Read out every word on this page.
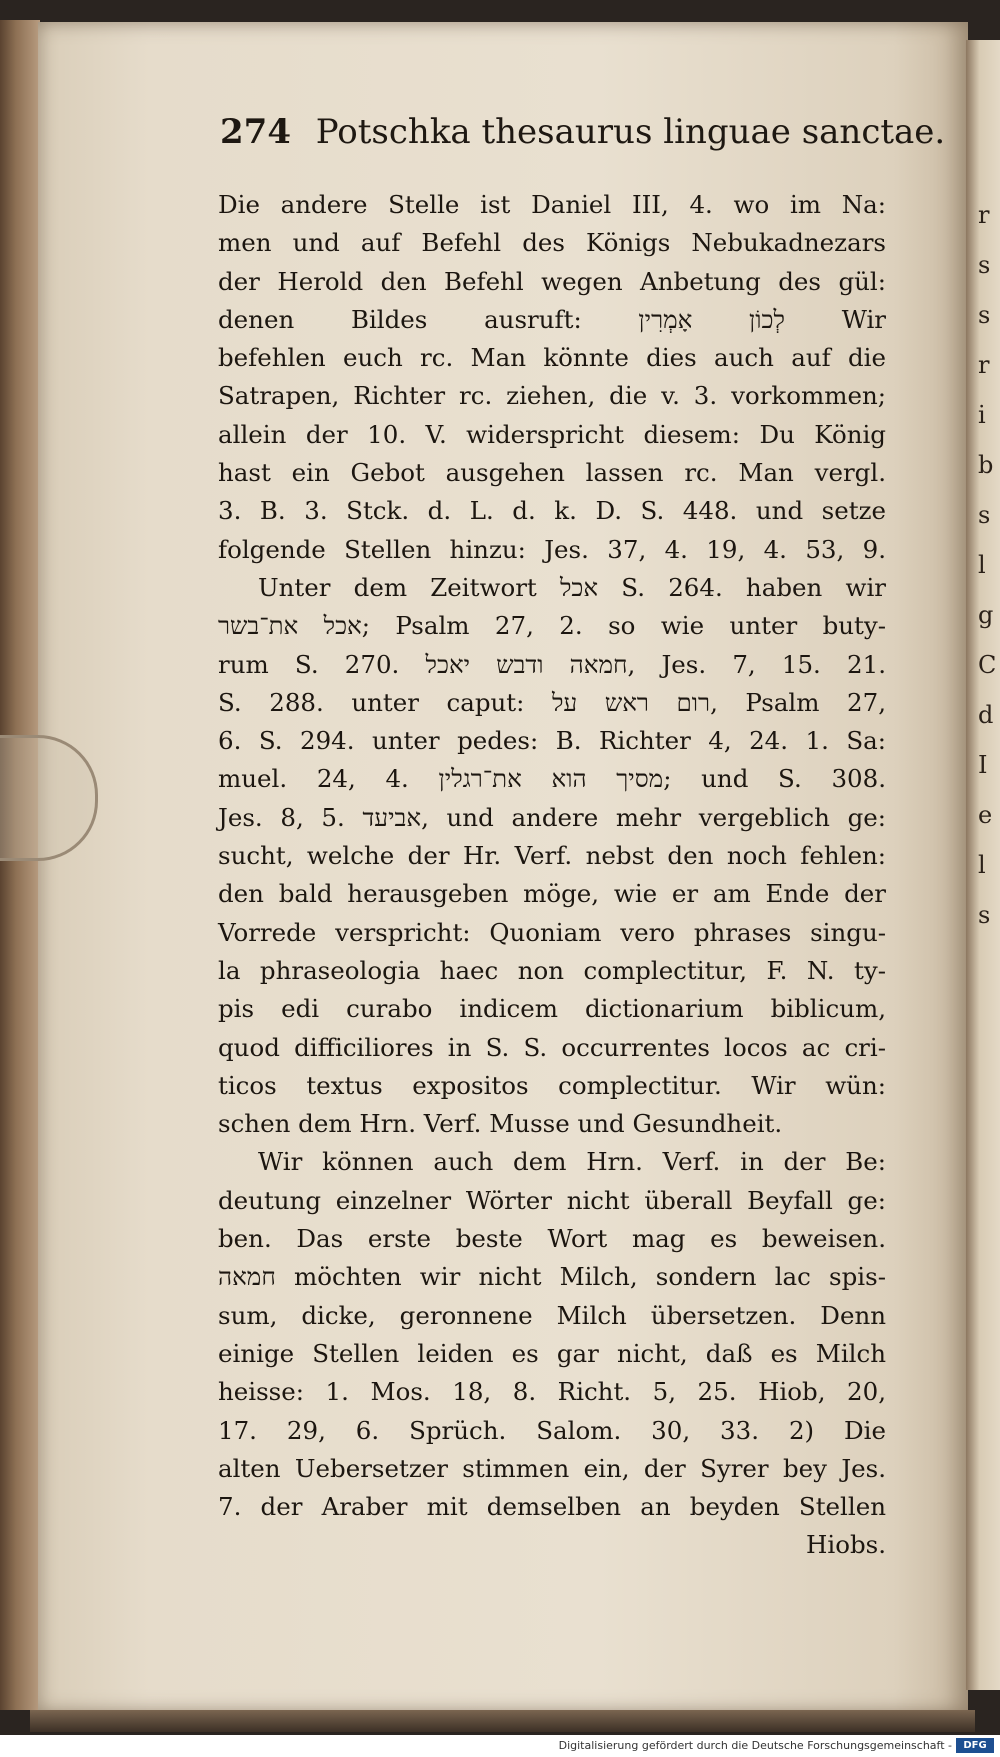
r s s r i b s l g C d I e l s
274 Potschka thesaurus linguae sanctae.
Die andere Stelle ist Daniel III, 4. wo im Na:
men und auf Befehl des Königs Nebukadnezars
der Herold den Befehl wegen Anbetung des gül:
denen Bildes ausruft: לְכוֹן אָמְרִין Wir
befehlen euch rc. Man könnte dies auch auf die
Satrapen, Richter rc. ziehen, die v. 3. vorkommen;
allein der 10. V. widerspricht diesem: Du König
hast ein Gebot ausgehen lassen rc. Man vergl.
3. B. 3. Stck. d. L. d. k. D. S. 448. und setze
folgende Stellen hinzu: Jes. 37, 4. 19, 4. 53, 9.
Unter dem Zeitwort אכל S. 264. haben wir
אכל את־בשר; Psalm 27, 2. so wie unter buty-
rum S. 270. חמאה ודבש יאכל, Jes. 7, 15. 21.
S. 288. unter caput: רום ראש על, Psalm 27,
6. S. 294. unter pedes: B. Richter 4, 24. 1. Sa:
muel. 24, 4. מסיך הוא את־רגלין; und S. 308.
Jes. 8, 5. אביעד, und andere mehr vergeblich ge:
sucht, welche der Hr. Verf. nebst den noch fehlen:
den bald herausgeben möge, wie er am Ende der
Vorrede verspricht: Quoniam vero phrases singu-
la phraseologia haec non complectitur, F. N. ty-
pis edi curabo indicem dictionarium biblicum,
quod difficiliores in S. S. occurrentes locos ac cri-
ticos textus expositos complectitur. Wir wün:
schen dem Hrn. Verf. Musse und Gesundheit.
Wir können auch dem Hrn. Verf. in der Be:
deutung einzelner Wörter nicht überall Beyfall ge:
ben. Das erste beste Wort mag es beweisen.
חמאה möchten wir nicht Milch, sondern lac spis-
sum, dicke, geronnene Milch übersetzen. Denn
einige Stellen leiden es gar nicht, daß es Milch
heisse: 1. Mos. 18, 8. Richt. 5, 25. Hiob, 20,
17. 29, 6. Sprüch. Salom. 30, 33. 2) Die
alten Uebersetzer stimmen ein, der Syrer bey Jes.
7. der Araber mit demselben an beyden Stellen
Hiobs.
Digitalisierung gefördert durch die Deutsche Forschungsgemeinschaft -	DFG
